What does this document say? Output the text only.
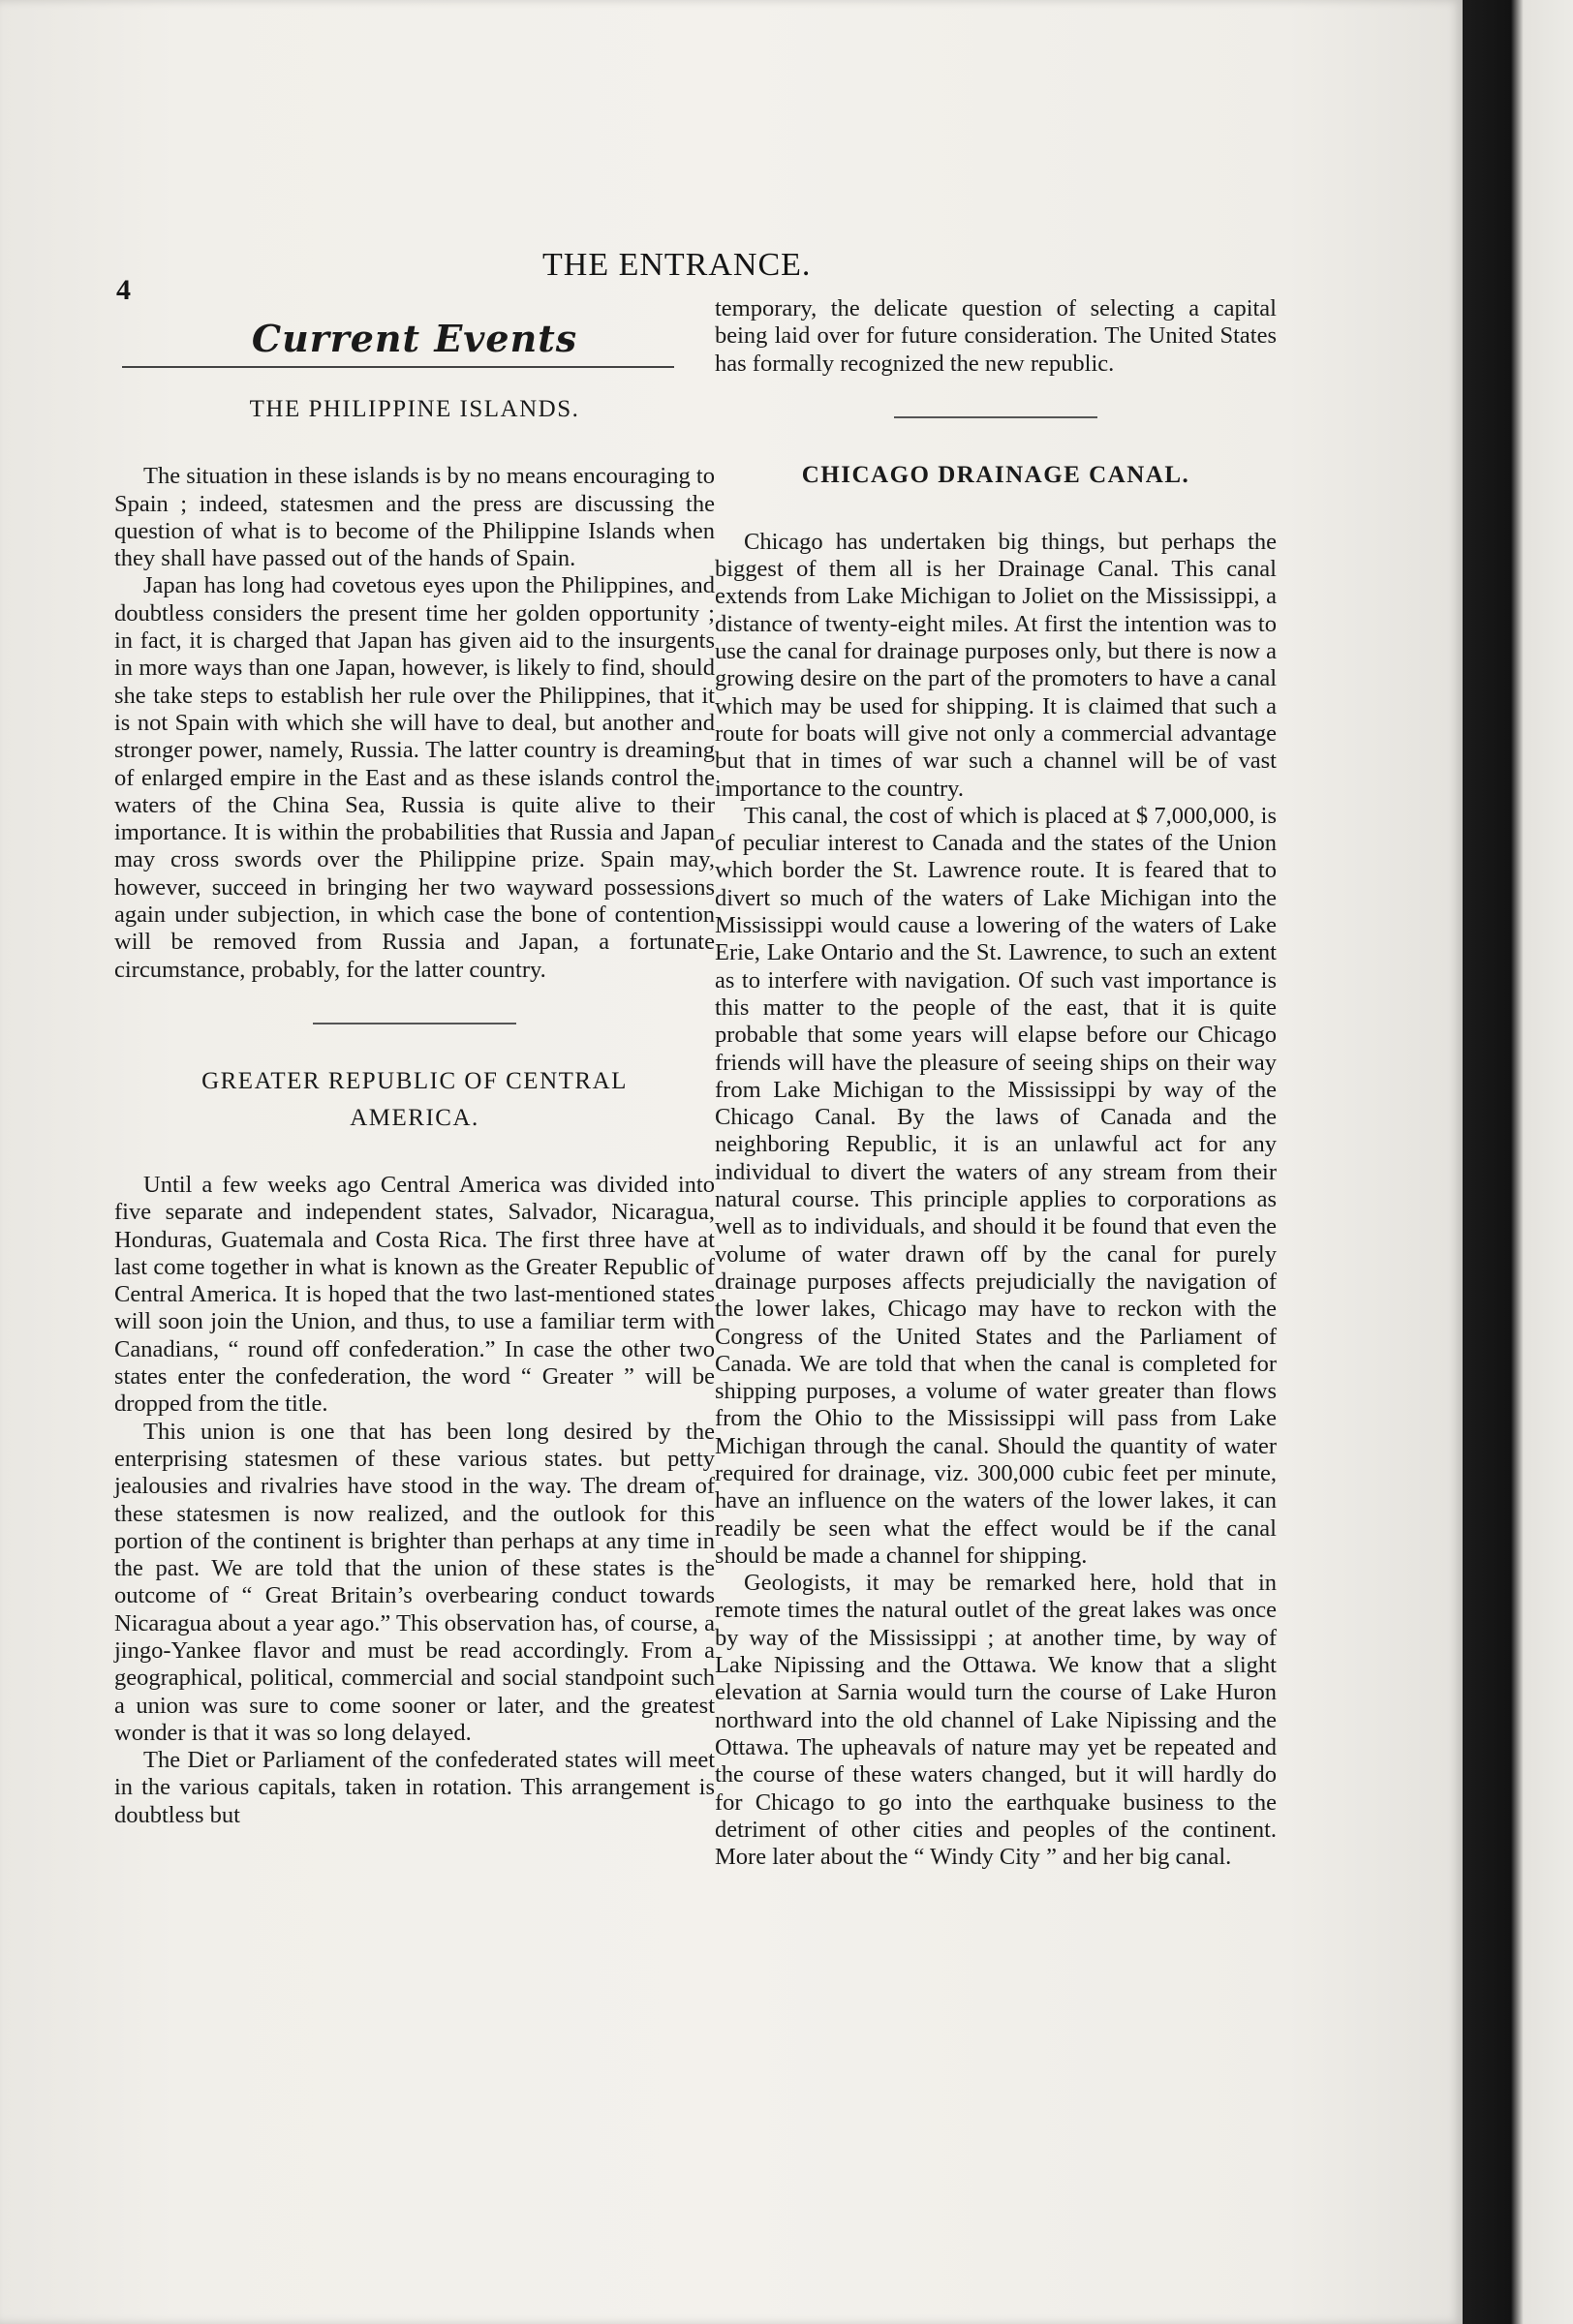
4
THE ENTRANCE.
Current Events
THE PHILIPPINE ISLANDS.

The situation in these islands is by no means encouraging to Spain ; indeed, statesmen and the press are discussing the question of what is to become of the Philippine Islands when they shall have passed out of the hands of Spain.

Japan has long had covetous eyes upon the Philippines, and doubtless considers the present time her golden opportunity ; in fact, it is charged that Japan has given aid to the insurgents in more ways than one Japan, however, is likely to find, should she take steps to establish her rule over the Philippines, that it is not Spain with which she will have to deal, but another and stronger power, namely, Russia. The latter country is dreaming of enlarged empire in the East and as these islands control the waters of the China Sea, Russia is quite alive to their importance. It is within the probabilities that Russia and Japan may cross swords over the Philippine prize. Spain may, however, succeed in bringing her two wayward possessions again under subjection, in which case the bone of contention will be removed from Russia and Japan, a fortunate circumstance, probably, for the latter country.

GREATER REPUBLIC OF CENTRAL
AMERICA.

Until a few weeks ago Central America was divided into five separate and independent states, Salvador, Nicaragua, Honduras, Guatemala and Costa Rica. The first three have at last come together in what is known as the Greater Republic of Central America. It is hoped that the two last-mentioned states will soon join the Union, and thus, to use a familiar term with Canadians, “ round off confederation.” In case the other two states enter the confederation, the word “ Greater ” will be dropped from the title.

This union is one that has been long desired by the enterprising statesmen of these various states. but petty jealousies and rivalries have stood in the way. The dream of these statesmen is now realized, and the outlook for this portion of the continent is brighter than perhaps at any time in the past. We are told that the union of these states is the outcome of “ Great Britain’s overbearing conduct towards Nicaragua about a year ago.” This observation has, of course, a jingo-Yankee flavor and must be read accordingly. From a geographical, political, commercial and social standpoint such a union was sure to come sooner or later, and the greatest wonder is that it was so long delayed.

The Diet or Parliament of the confederated states will meet in the various capitals, taken in rotation. This arrangement is doubtless but

temporary, the delicate question of selecting a capital being laid over for future consideration. The United States has formally recognized the new republic.

CHICAGO DRAINAGE CANAL.

Chicago has undertaken big things, but perhaps the biggest of them all is her Drainage Canal. This canal extends from Lake Michigan to Joliet on the Mississippi, a distance of twenty-eight miles. At first the intention was to use the canal for drainage purposes only, but there is now a growing desire on the part of the promoters to have a canal which may be used for shipping. It is claimed that such a route for boats will give not only a commercial advantage but that in times of war such a channel will be of vast importance to the country.

This canal, the cost of which is placed at $ 7,000,000, is of peculiar interest to Canada and the states of the Union which border the St. Lawrence route. It is feared that to divert so much of the waters of Lake Michigan into the Mississippi would cause a lowering of the waters of Lake Erie, Lake Ontario and the St. Lawrence, to such an extent as to interfere with navigation. Of such vast importance is this matter to the people of the east, that it is quite probable that some years will elapse before our Chicago friends will have the pleasure of seeing ships on their way from Lake Michigan to the Mississippi by way of the Chicago Canal. By the laws of Canada and the neighboring Republic, it is an unlawful act for any individual to divert the waters of any stream from their natural course. This principle applies to corporations as well as to individuals, and should it be found that even the volume of water drawn off by the canal for purely drainage purposes affects prejudicially the navigation of the lower lakes, Chicago may have to reckon with the Congress of the United States and the Parliament of Canada. We are told that when the canal is completed for shipping purposes, a volume of water greater than flows from the Ohio to the Mississippi will pass from Lake Michigan through the canal. Should the quantity of water required for drainage, viz. 300,000 cubic feet per minute, have an influence on the waters of the lower lakes, it can readily be seen what the effect would be if the canal should be made a channel for shipping.

Geologists, it may be remarked here, hold that in remote times the natural outlet of the great lakes was once by way of the Mississippi ; at another time, by way of Lake Nipissing and the Ottawa. We know that a slight elevation at Sarnia would turn the course of Lake Huron northward into the old channel of Lake Nipissing and the Ottawa. The upheavals of nature may yet be repeated and the course of these waters changed, but it will hardly do for Chicago to go into the earthquake business to the detriment of other cities and peoples of the continent. More later about the “ Windy City ” and her big canal.
